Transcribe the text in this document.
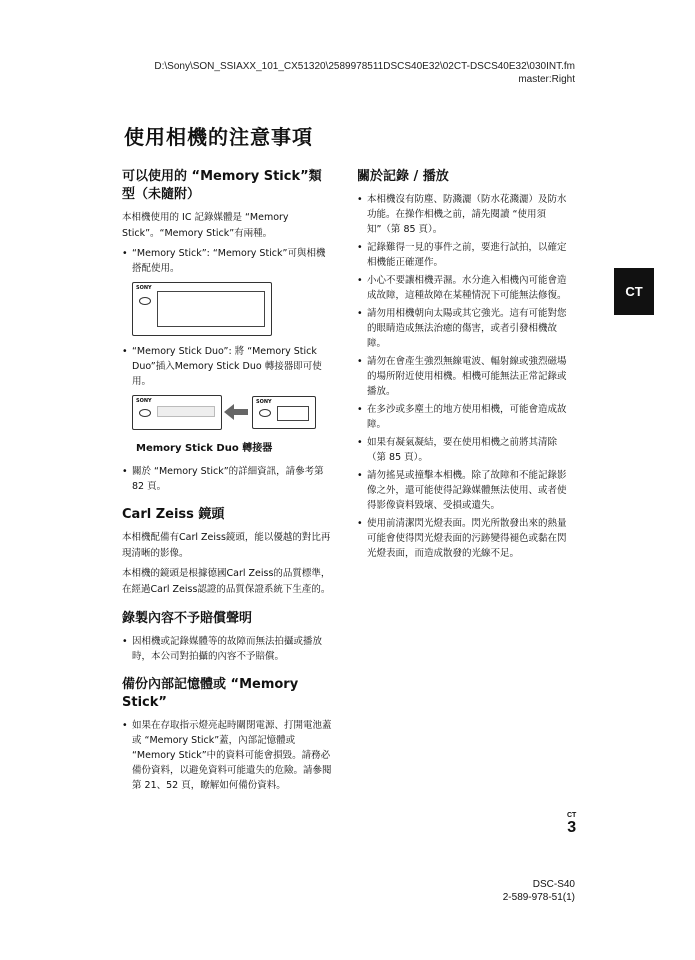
D:\Sony\SON_SSIAXX_101_CX51320\2589978511DSCS40E32\02CT-DSCS40E32\030INT.fm
master:Right
使用相機的注意事項
可以使用的 “Memory Stick”類型（未隨附）

本相機使用的 IC 記錄媒體是 “Memory Stick”。“Memory Stick”有兩種。

• “Memory Stick”: “Memory Stick”可與相機搭配使用。
SONY
• “Memory Stick Duo”: 將 “Memory Stick Duo”插入Memory Stick Duo 轉接器即可使用。
SONY	SONY
Memory Stick Duo 轉接器
• 關於 “Memory Stick”的詳細資訊，請參考第 82 頁。
Carl Zeiss 鏡頭

本相機配備有Carl Zeiss鏡頭，能以優越的對比再現清晰的影像。

本相機的鏡頭是根據德國Carl Zeiss的品質標準，在經過Carl Zeiss認證的品質保證系統下生產的。

錄製內容不予賠償聲明
• 因相機或記錄媒體等的故障而無法拍攝或播放時，本公司對拍攝的內容不予賠償。
備份內部記憶體或 “Memory Stick”
• 如果在存取指示燈亮起時關閉電源、打開電池蓋或 “Memory Stick”蓋，內部記憶體或 “Memory Stick”中的資料可能會損毀。請務必備份資料，以避免資料可能遺失的危險。請參閱第 21、52 頁，瞭解如何備份資料。
關於記錄 / 播放
• 本相機沒有防塵、防濺灑（防水花濺灑）及防水功能。在操作相機之前，請先閱讀 “使用須知”（第 85 頁）。
• 記錄難得一見的事件之前，要進行試拍，以確定相機能正確運作。
• 小心不要讓相機弄濕。水分進入相機內可能會造成故障，這種故障在某種情況下可能無法修復。
• 請勿用相機朝向太陽或其它強光。這有可能對您的眼睛造成無法治癒的傷害，或者引發相機故障。
• 請勿在會產生強烈無線電波、輻射線或強烈磁場的場所附近使用相機。相機可能無法正常記錄或播放。
• 在多沙或多塵土的地方使用相機，可能會造成故障。
• 如果有凝氣凝結，要在使用相機之前將其清除（第 85 頁）。
• 請勿搖晃或撞擊本相機。除了故障和不能記錄影像之外，還可能使得記錄媒體無法使用、或者使得影像資料毀壞、受損或遺失。
• 使用前清潔閃光燈表面。閃光所散發出來的熱量可能會使得閃光燈表面的污跡變得褪色或黏在閃光燈表面，而造成散發的光線不足。
CT
CT
3
DSC-S40
2-589-978-51(1)
